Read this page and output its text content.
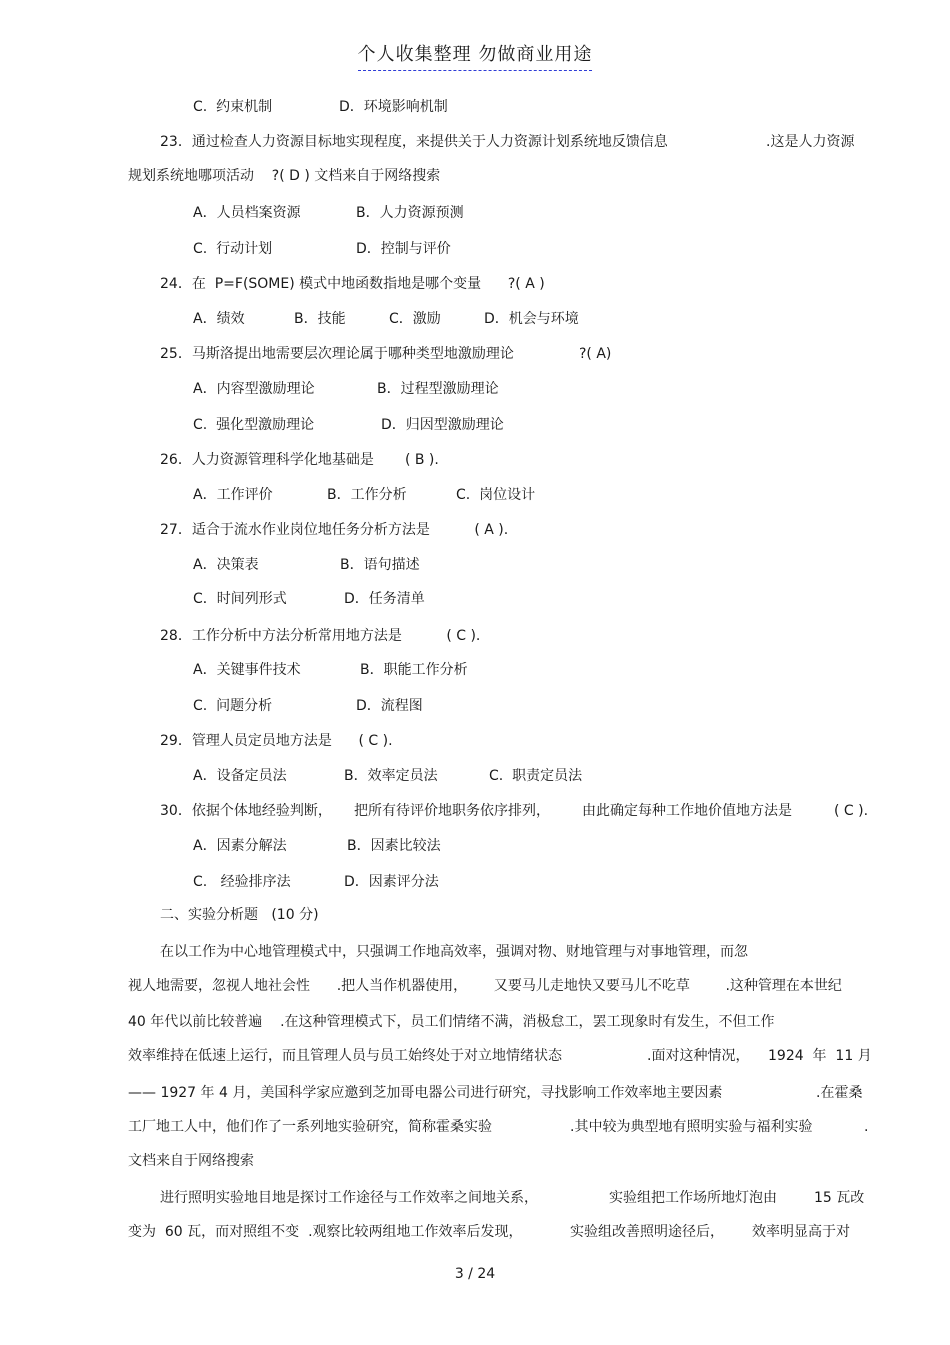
个人收集整理 勿做商业用途
C.  约束机制	D．环境影响机制
23．通过检查人力资源目标地实现程度，来提供关于人力资源计划系统地反馈信息	.这是人力资源
规划系统地哪项活动    ?( D ) 文档来自于网络搜索
A．人员档案资源	B．人力资源预测
C.  行动计划	D．控制与评价
24．在  P=F(SOME) 模式中地函数指地是哪个变量      ?( A )
A．绩效	B．技能	C．激励	D．机会与环境
25．马斯洛提出地需要层次理论属于哪种类型地激励理论	?( A)
A．内容型激励理论	B．过程型激励理论
C.  强化型激励理论	D．归因型激励理论
26．人力资源管理科学化地基础是       ( B ).
A．工作评价	B．工作分析	C.  岗位设计
27．适合于流水作业岗位地任务分析方法是          ( A ).
A．决策表	B．语句描述
C．时间列形式	D．任务清单
28．工作分析中方法分析常用地方法是          ( C ).
A．关键事件技术	B．职能工作分析
C.  问题分析	D．流程图
29．管理人员定员地方法是      ( C ).
A．设备定员法	B．效率定员法	C.  职责定员法
30．依据个体地经验判断， 把所有待评价地职务依序排列， 由此确定每种工作地价值地方法是	( C ).
A．因素分解法	B．因素比较法
C.   经验排序法	D．因素评分法
二、实验分析题   (10 分)
在以工作为中心地管理模式中，只强调工作地高效率，强调对物、财地管理与对事地管理，而忽
视人地需要，忽视人地社会性      .把人当作机器使用，      又要马儿走地快又要马儿不吃草        .这种管理在本世纪
40 年代以前比较普遍    .在这种管理模式下，员工们情绪不满，消极怠工，罢工现象时有发生，不但工作
效率维持在低速上运行，而且管理人员与员工始终处于对立地情绪状态	.面对这种情况， 1924  年  11 月
—— 1927 年 4 月，美国科学家应邀到芝加哥电器公司进行研究，寻找影响工作效率地主要因素	.在霍桑
工厂地工人中，他们作了一系列地实验研究，简称霍桑实验	.其中较为典型地有照明实验与福利实验	.
文档来自于网络搜索
进行照明实验地目地是探讨工作途径与工作效率之间地关系，	实验组把工作场所地灯泡由	15 瓦改
变为  60 瓦，而对照组不变  .观察比较两组地工作效率后发现，	实验组改善照明途径后， 效率明显高于对
3 / 24
